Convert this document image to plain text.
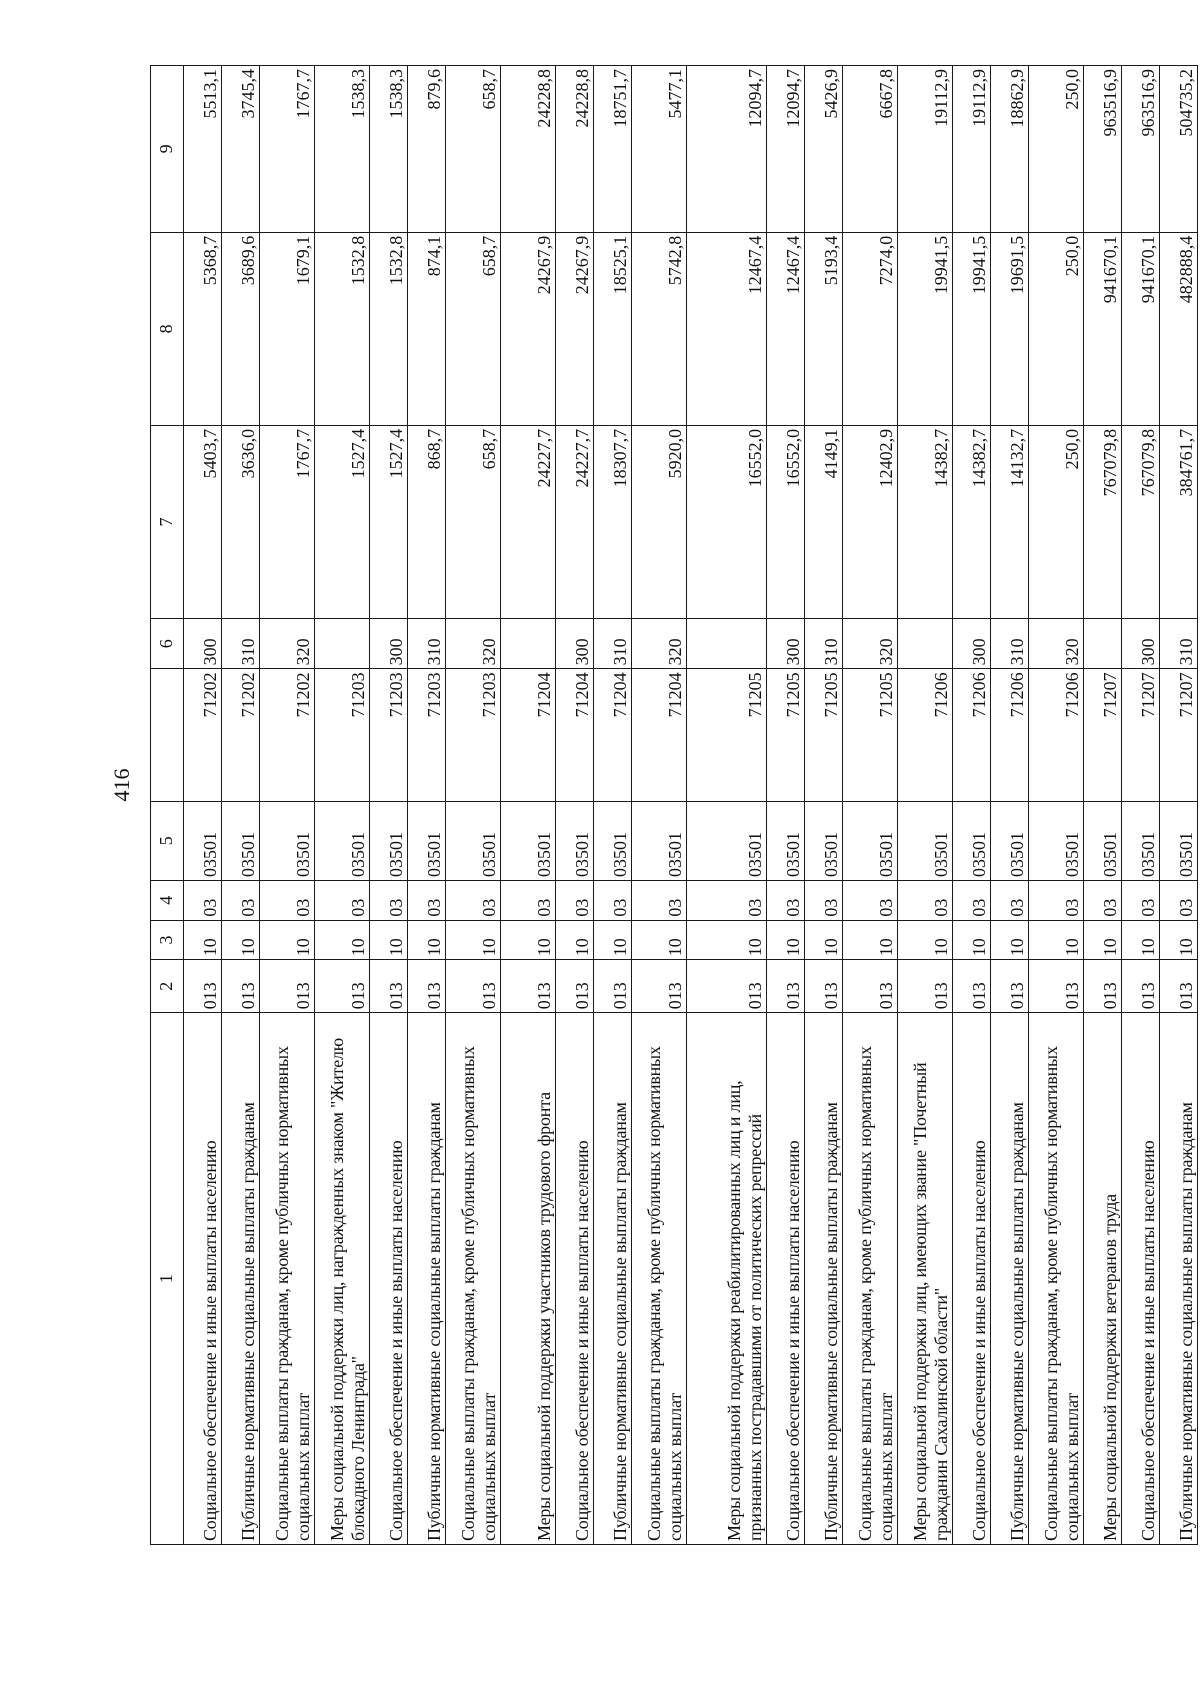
416
1	2	3	4	5		6	7	8	9
Социальное обеспечение и иные выплаты населению	013	10	03	03501	71202	300	5403,7	5368,7	5513,1
Публичные нормативные социальные выплаты гражданам	013	10	03	03501	71202	310	3636,0	3689,6	3745,4
Социальные выплаты гражданам, кроме публичных нормативных социальных выплат	013	10	03	03501	71202	320	1767,7	1679,1	1767,7
Меры социальной поддержки лиц, награжденных знаком "Жителю блокадного Ленинграда"	013	10	03	03501	71203		1527,4	1532,8	1538,3
Социальное обеспечение и иные выплаты населению	013	10	03	03501	71203	300	1527,4	1532,8	1538,3
Публичные нормативные социальные выплаты гражданам	013	10	03	03501	71203	310	868,7	874,1	879,6
Социальные выплаты гражданам, кроме публичных нормативных социальных выплат	013	10	03	03501	71203	320	658,7	658,7	658,7
Меры социальной поддержки участников трудового фронта	013	10	03	03501	71204		24227,7	24267,9	24228,8
Социальное обеспечение и иные выплаты населению	013	10	03	03501	71204	300	24227,7	24267,9	24228,8
Публичные нормативные социальные выплаты гражданам	013	10	03	03501	71204	310	18307,7	18525,1	18751,7
Социальные выплаты гражданам, кроме публичных нормативных социальных выплат	013	10	03	03501	71204	320	5920,0	5742,8	5477,1
Меры социальной поддержки реабилитированных лиц и лиц, признанных пострадавшими от политических репрессий	013	10	03	03501	71205		16552,0	12467,4	12094,7
Социальное обеспечение и иные выплаты населению	013	10	03	03501	71205	300	16552,0	12467,4	12094,7
Публичные нормативные социальные выплаты гражданам	013	10	03	03501	71205	310	4149,1	5193,4	5426,9
Социальные выплаты гражданам, кроме публичных нормативных социальных выплат	013	10	03	03501	71205	320	12402,9	7274,0	6667,8
Меры социальной поддержки лиц, имеющих звание "Почетный гражданин Сахалинской области"	013	10	03	03501	71206		14382,7	19941,5	19112,9
Социальное обеспечение и иные выплаты населению	013	10	03	03501	71206	300	14382,7	19941,5	19112,9
Публичные нормативные социальные выплаты гражданам	013	10	03	03501	71206	310	14132,7	19691,5	18862,9
Социальные выплаты гражданам, кроме публичных нормативных социальных выплат	013	10	03	03501	71206	320	250,0	250,0	250,0
Меры социальной поддержки ветеранов труда	013	10	03	03501	71207		767079,8	941670,1	963516,9
Социальное обеспечение и иные выплаты населению	013	10	03	03501	71207	300	767079,8	941670,1	963516,9
Публичные нормативные социальные выплаты гражданам	013	10	03	03501	71207	310	384761,7	482888,4	504735,2
